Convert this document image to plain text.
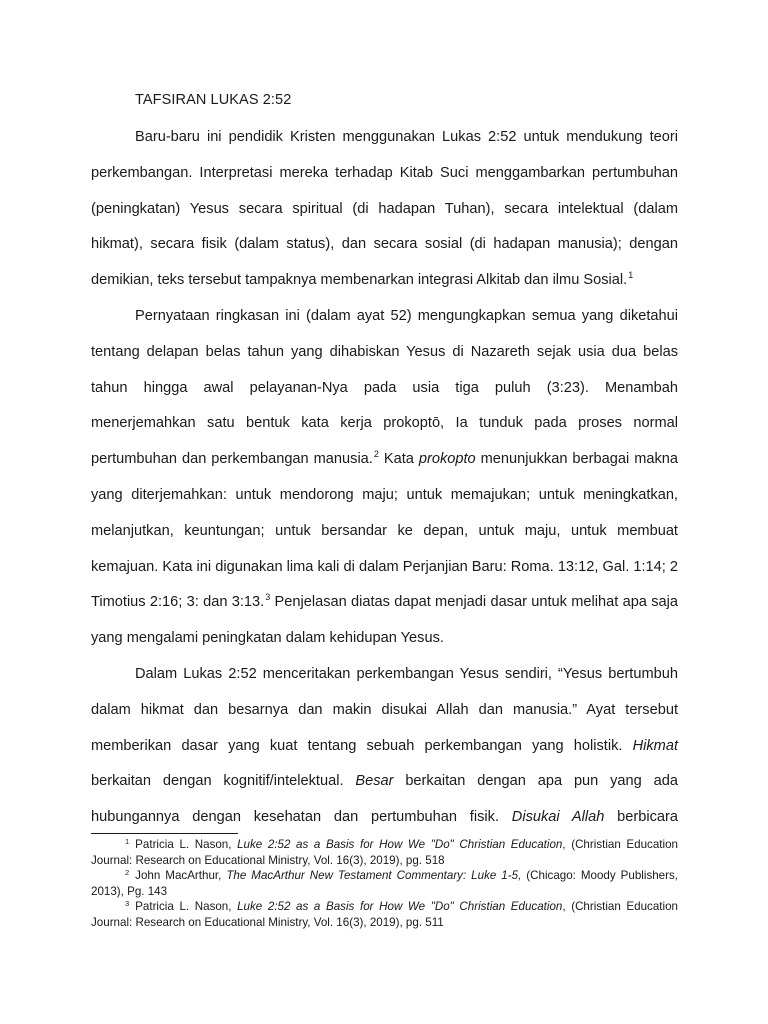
TAFSIRAN LUKAS 2:52

Baru-baru ini pendidik Kristen menggunakan Lukas 2:52 untuk mendukung teori perkembangan. Interpretasi mereka terhadap Kitab Suci menggambarkan pertumbuhan (peningkatan) Yesus secara spiritual (di hadapan Tuhan), secara intelektual (dalam hikmat), secara fisik (dalam status), dan secara sosial (di hadapan manusia); dengan demikian, teks tersebut tampaknya membenarkan integrasi Alkitab dan ilmu Sosial.$^1$

Pernyataan ringkasan ini (dalam ayat 52) mengungkapkan semua yang diketahui tentang delapan belas tahun yang dihabiskan Yesus di Nazareth sejak usia dua belas tahun hingga awal pelayanan-Nya pada usia tiga puluh (3:23). Menambah menerjemahkan satu bentuk kata kerja prokoptō, Ia tunduk pada proses normal pertumbuhan dan perkembangan manusia.$^2$ Kata prokopto menunjukkan berbagai makna yang diterjemahkan: untuk mendorong maju; untuk memajukan; untuk meningkatkan, melanjutkan, keuntungan; untuk bersandar ke depan, untuk maju, untuk membuat kemajuan. Kata ini digunakan lima kali di dalam Perjanjian Baru: Roma. 13:12, Gal. 1:14; 2 Timotius 2:16; 3: dan 3:13.$^3$ Penjelasan diatas dapat menjadi dasar untuk melihat apa saja yang mengalami peningkatan dalam kehidupan Yesus.

Dalam Lukas 2:52 menceritakan perkembangan Yesus sendiri, “Yesus bertumbuh dalam hikmat dan besarnya dan makin disukai Allah dan manusia.” Ayat tersebut memberikan dasar yang kuat tentang sebuah perkembangan yang holistik. Hikmat berkaitan dengan kognitif/intelektual. Besar berkaitan dengan apa pun yang ada hubungannya dengan kesehatan dan pertumbuhan fisik. Disukai Allah berbicara

$^1$ Patricia L. Nason, Luke 2:52 as a Basis for How We "Do" Christian Education, (Christian Education Journal: Research on Educational Ministry, Vol. 16(3), 2019), pg. 518

$^2$ John MacArthur, The MacArthur New Testament Commentary: Luke 1-5, (Chicago: Moody Publishers, 2013), Pg. 143

$^3$ Patricia L. Nason, Luke 2:52 as a Basis for How We "Do" Christian Education, (Christian Education Journal: Research on Educational Ministry, Vol. 16(3), 2019), pg. 511
